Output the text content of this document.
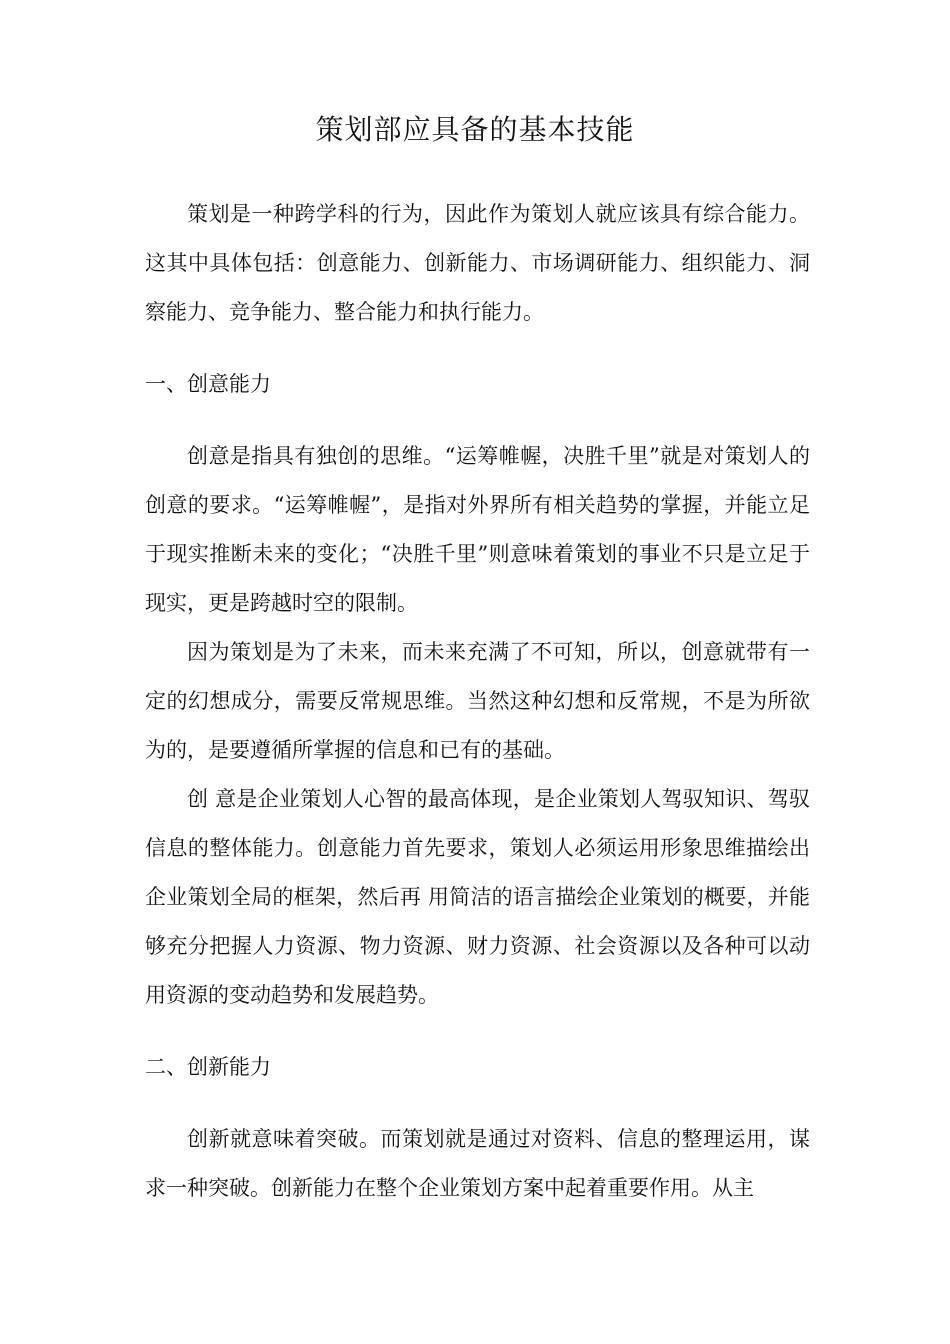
策划部应具备的基本技能

策划是一种跨学科的行为，因此作为策划人就应该具有综合能力。这其中具体包括：创意能力、创新能力、市场调研能力、组织能力、洞察能力、竞争能力、整合能力和执行能力。

一、创意能力

创意是指具有独创的思维。“运筹帷幄，决胜千里”就是对策划人的创意的要求。“运筹帷幄”，是指对外界所有相关趋势的掌握，并能立足于现实推断未来的变化；“决胜千里”则意味着策划的事业不只是立足于现实，更是跨越时空的限制。

因为策划是为了未来，而未来充满了不可知，所以，创意就带有一定的幻想成分，需要反常规思维。当然这种幻想和反常规，不是为所欲为的，是要遵循所掌握的信息和已有的基础。

创 意是企业策划人心智的最高体现，是企业策划人驾驭知识、驾驭信息的整体能力。创意能力首先要求，策划人必须运用形象思维描绘出企业策划全局的框架，然后再 用简洁的语言描绘企业策划的概要，并能够充分把握人力资源、物力资源、财力资源、社会资源以及各种可以动用资源的变动趋势和发展趋势。

二、创新能力

创新就意味着突破。而策划就是通过对资料、信息的整理运用，谋求一种突破。创新能力在整个企业策划方案中起着重要作用。从主
